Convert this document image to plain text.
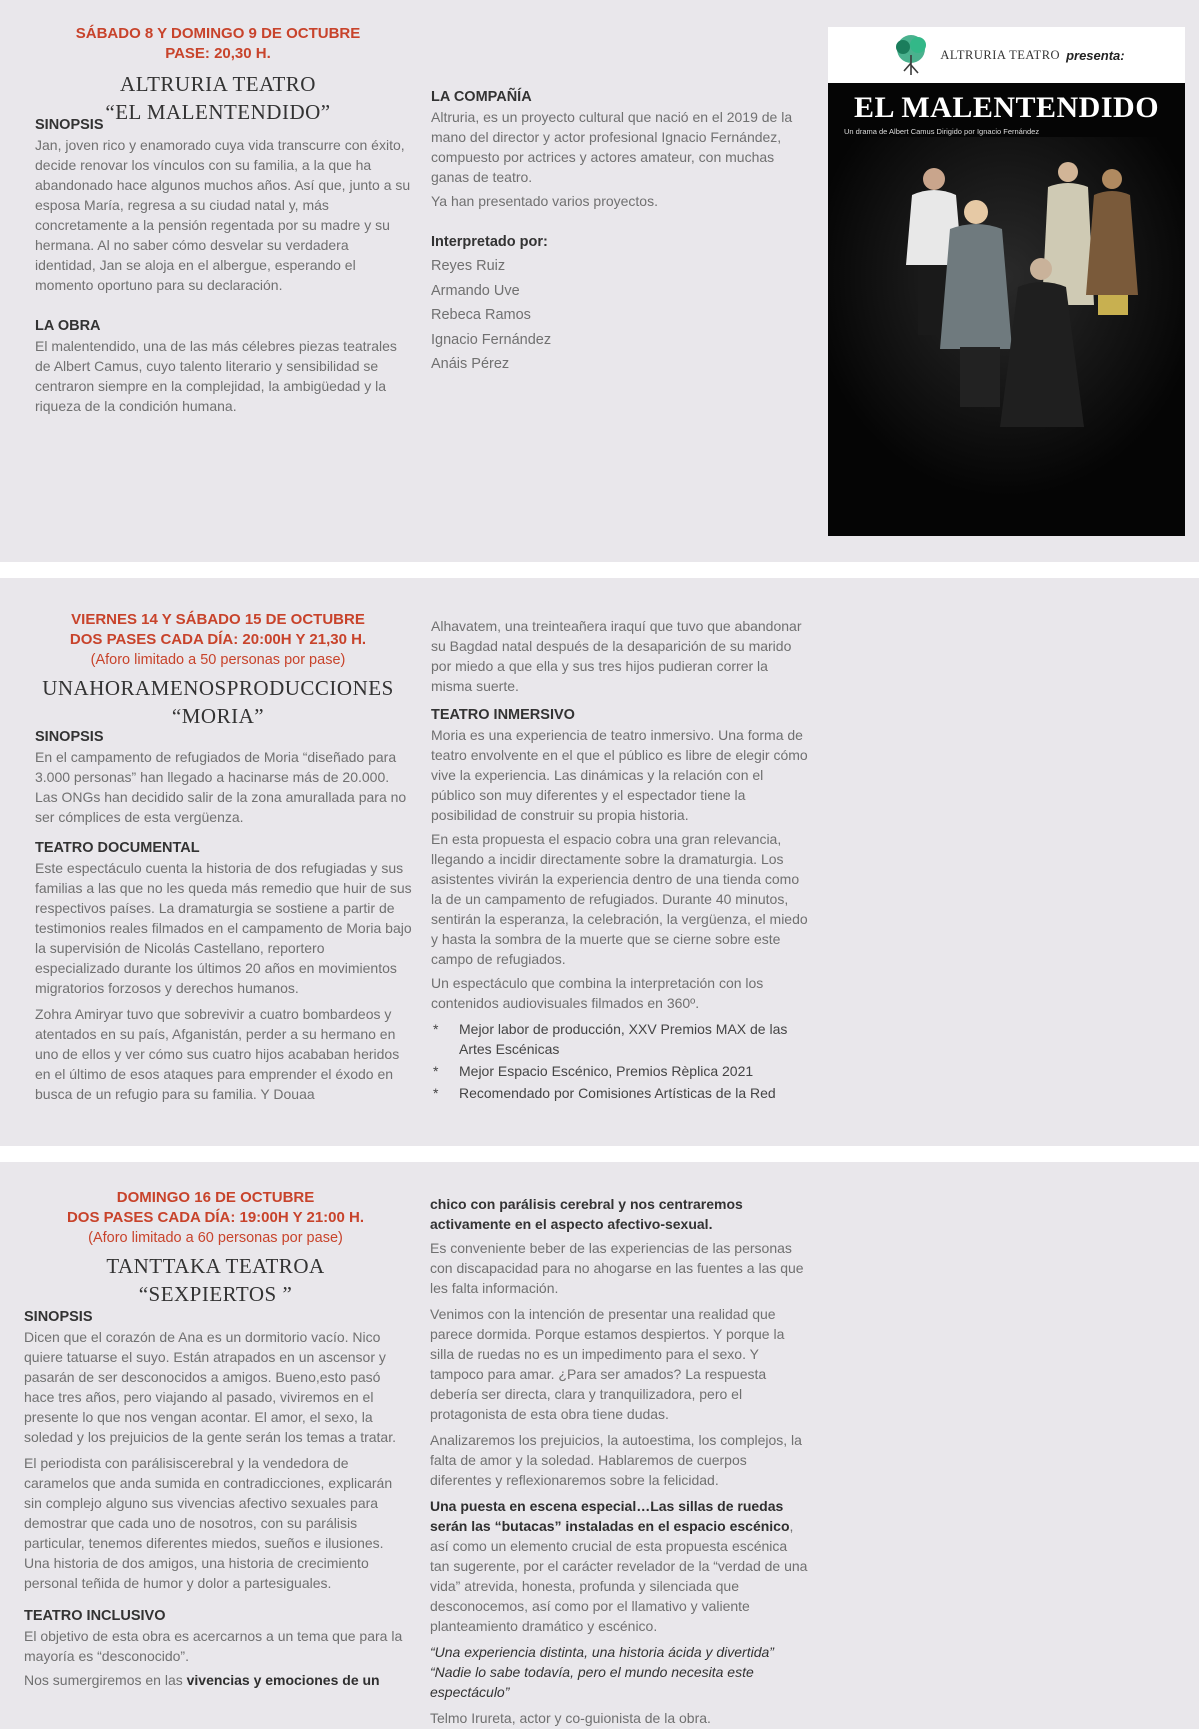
SÁBADO 8 Y DOMINGO 9 DE OCTUBRE
PASE: 20,30 H.
ALTRURIA TEATRO
“EL MALENTENDIDO”
SINOPSIS
Jan, joven rico y enamorado cuya vida transcurre con éxito, decide renovar los vínculos con su familia, a la que ha abandonado hace algunos muchos años. Así que, junto a su esposa María, regresa a su ciudad natal y, más concretamente a la pensión regentada por su madre y su hermana. Al no saber cómo desvelar su verdadera identidad, Jan se aloja en el albergue, esperando el momento oportuno para su declaración.
LA OBRA
El malentendido, una de las más célebres piezas teatrales de Albert Camus, cuyo talento literario y sensibilidad se centraron siempre en la complejidad, la ambigüedad y la riqueza de la condición humana.
LA COMPAÑÍA
Altruria, es un proyecto cultural que nació en el 2019 de la mano del director y actor profesional Ignacio Fernández, compuesto por actrices y actores amateur, con muchas ganas de teatro.
Ya han presentado varios proyectos.
Interpretado por:
Reyes Ruiz
Armando Uve
Rebeca Ramos
Ignacio Fernández
Anáis Pérez
ALTRURIA TEATRO presenta:
EL MALENTENDIDO
Un drama de Albert Camus Dirigido por Ignacio Fernández
VIERNES 14 Y SÁBADO 15 DE OCTUBRE
DOS PASES CADA DÍA: 20:00H Y 21,30 H.
(Aforo limitado a 50 personas por pase)
UNAHORAMENOSPRODUCCIONES
“MORIA”
SINOPSIS
En el campamento de refugiados de Moria “diseñado para 3.000 personas” han llegado a hacinarse más de 20.000. Las ONGs han decidido salir de la zona amurallada para no ser cómplices de esta vergüenza.
TEATRO DOCUMENTAL
Este espectáculo cuenta la historia de dos refugiadas y sus familias a las que no les queda más remedio que huir de sus respectivos países. La dramaturgia se sostiene a partir de testimonios reales filmados en el campamento de Moria bajo la supervisión de Nicolás Castellano, reportero especializado durante los últimos 20 años en movimientos migratorios forzosos y derechos humanos.
Zohra Amiryar tuvo que sobrevivir a cuatro bombardeos y atentados en su país, Afganistán, perder a su hermano en uno de ellos y ver cómo sus cuatro hijos acababan heridos en el último de esos ataques para emprender el éxodo en busca de un refugio para su familia. Y Douaa
Alhavatem, una treinteañera iraquí que tuvo que abandonar su Bagdad natal después de la desaparición de su marido por miedo a que ella y sus tres hijos pudieran correr la misma suerte.
TEATRO INMERSIVO
Moria es una experiencia de teatro inmersivo. Una forma de teatro envolvente en el que el público es libre de elegir cómo vive la experiencia. Las dinámicas y la relación con el público son muy diferentes y el espectador tiene la posibilidad de construir su propia historia.
En esta propuesta el espacio cobra una gran relevancia, llegando a incidir directamente sobre la dramaturgia. Los asistentes vivirán la experiencia dentro de una tienda como la de un campamento de refugiados. Durante 40 minutos, sentirán la esperanza, la celebración, la vergüenza, el miedo y hasta la sombra de la muerte que se cierne sobre este campo de refugiados.
Un espectáculo que combina la interpretación con los contenidos audiovisuales filmados en 360º.
* Mejor labor de producción, XXV Premios MAX de las Artes Escénicas
* Mejor Espacio Escénico, Premios Rèplica 2021
* Recomendado por Comisiones Artísticas de la Red
DOMINGO 16 DE OCTUBRE
DOS PASES CADA DÍA: 19:00H Y 21:00 H.
(Aforo limitado a 60 personas por pase)
TANTTAKA TEATROA
“SEXPIERTOS ”
SINOPSIS
Dicen que el corazón de Ana es un dormitorio vacío. Nico quiere tatuarse el suyo. Están atrapados en un ascensor y pasarán de ser desconocidos a amigos. Bueno,esto pasó hace tres años, pero viajando al pasado, viviremos en el presente lo que nos vengan acontar. El amor, el sexo, la soledad y los prejuicios de la gente serán los temas a tratar.
El periodista con parálisiscerebral y la vendedora de caramelos que anda sumida en contradicciones, explicarán sin complejo alguno sus vivencias afectivo sexuales para demostrar que cada uno de nosotros, con su parálisis particular, tenemos diferentes miedos, sueños e ilusiones. Una historia de dos amigos, una historia de crecimiento personal teñida de humor y dolor a partesiguales.
TEATRO INCLUSIVO
El objetivo de esta obra es acercarnos a un tema que para la mayoría es “desconocido”.
Nos sumergiremos en las vivencias y emociones de un
chico con parálisis cerebral y nos centraremos activamente en el aspecto afectivo-sexual.
Es conveniente beber de las experiencias de las personas con discapacidad para no ahogarse en las fuentes a las que les falta información.
Venimos con la intención de presentar una realidad que parece dormida. Porque estamos despiertos. Y porque la silla de ruedas no es un impedimento para el sexo. Y tampoco para amar. ¿Para ser amados? La respuesta debería ser directa, clara y tranquilizadora, pero el protagonista de esta obra tiene dudas.
Analizaremos los prejuicios, la autoestima, los complejos, la falta de amor y la soledad. Hablaremos de cuerpos diferentes y reflexionaremos sobre la felicidad.
Una puesta en escena especial…Las sillas de ruedas serán las “butacas” instaladas en el espacio escénico, así como un elemento crucial de esta propuesta escénica tan sugerente, por el carácter revelador de la “verdad de una vida” atrevida, honesta, profunda y silenciada que desconocemos, así como por el llamativo y valiente planteamiento dramático y escénico.
“Una experiencia distinta, una historia ácida y divertida”
“Nadie lo sabe todavía, pero el mundo necesita este espectáculo”
Telmo Irureta, actor y co-guionista de la obra.
